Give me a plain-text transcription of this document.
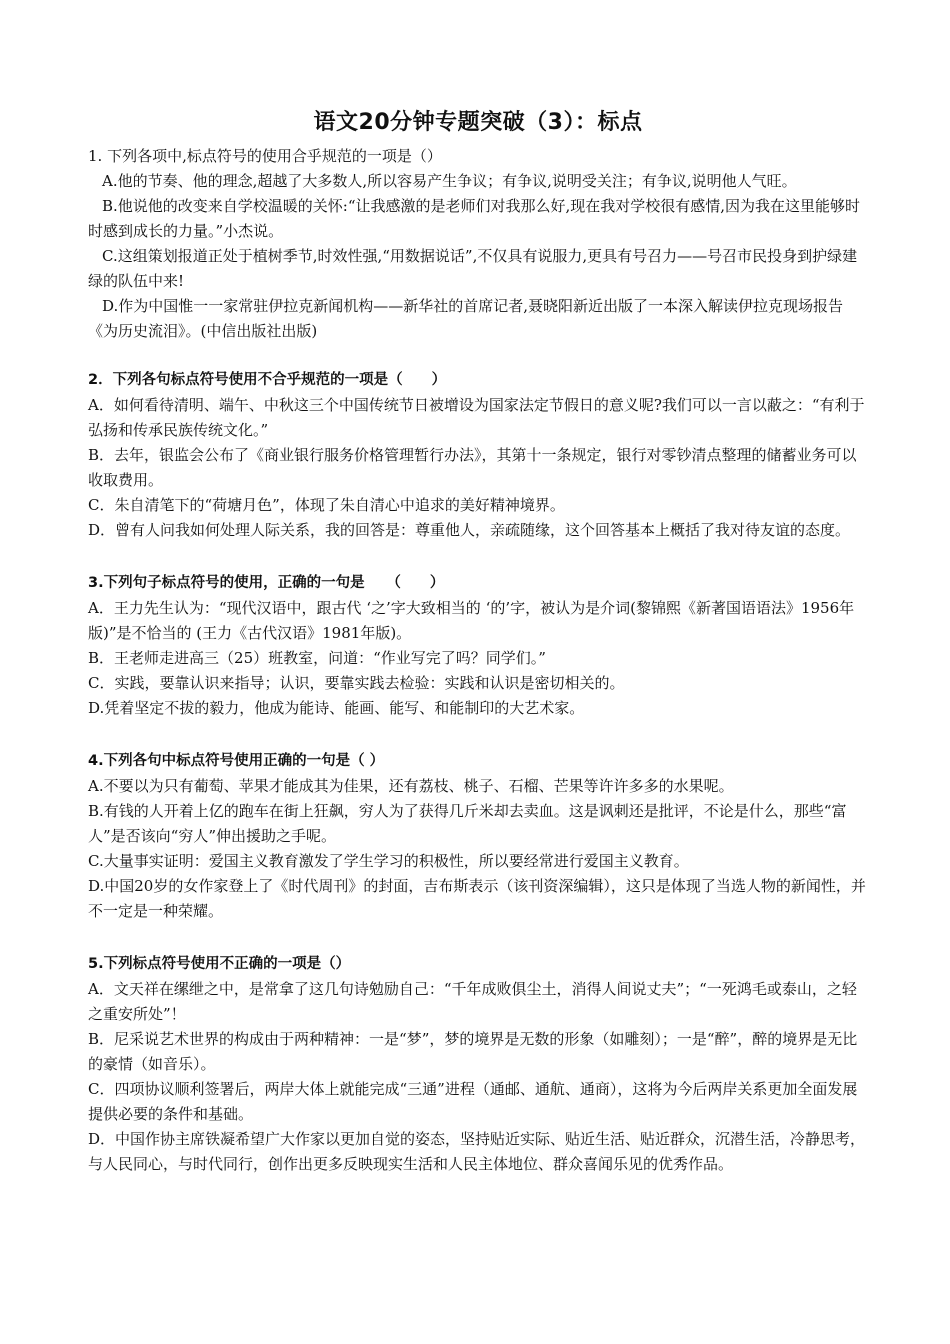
语文20分钟专题突破（3）：标点

1. 下列各项中,标点符号的使用合乎规范的一项是（）

A.他的节奏、他的理念,超越了大多数人,所以容易产生争议；有争议,说明受关注；有争议,说明他人气旺。

B.他说他的改变来自学校温暖的关怀:“让我感激的是老师们对我那么好,现在我对学校很有感情,因为我在这里能够时时感到成长的力量。”小杰说。

C.这组策划报道正处于植树季节,时效性强,“用数据说话”,不仅具有说服力,更具有号召力——号召市民投身到护绿建绿的队伍中来!

D.作为中国惟一一家常驻伊拉克新闻机构——新华社的首席记者,聂晓阳新近出版了一本深入解读伊拉克现场报告《为历史流泪》。(中信出版社出版)

2．下列各句标点符号使用不合乎规范的一项是（　　）

A．如何看待清明、端午、中秋这三个中国传统节日被增设为国家法定节假日的意义呢?我们可以一言以蔽之：“有利于弘扬和传承民族传统文化。”

B．去年，银监会公布了《商业银行服务价格管理暂行办法》，其第十一条规定，银行对零钞清点整理的储蓄业务可以收取费用。

C．朱自清笔下的“荷塘月色”，体现了朱自清心中追求的美好精神境界。

D．曾有人问我如何处理人际关系，我的回答是：尊重他人，亲疏随缘，这个回答基本上概括了我对待友谊的态度。

3.下列句子标点符号的使用，正确的一句是　　（　　）

A．王力先生认为：“现代汉语中，跟古代 ‘之’字大致相当的 ‘的’字，被认为是介词(黎锦熙《新著国语语法》1956年版)”是不恰当的 (王力《古代汉语》1981年版)。

B．王老师走进高三（25）班教室，问道：“作业写完了吗？同学们。”

C．实践，要靠认识来指导；认识，要靠实践去检验：实践和认识是密切相关的。

D.凭着坚定不拔的毅力，他成为能诗、能画、能写、和能制印的大艺术家。

4.下列各句中标点符号使用正确的一句是（ ）

A.不要以为只有葡萄、苹果才能成其为佳果，还有荔枝、桃子、石榴、芒果等许许多多的水果呢。

B.有钱的人开着上亿的跑车在街上狂飙，穷人为了获得几斤米却去卖血。这是讽刺还是批评，不论是什么，那些“富人”是否该向“穷人”伸出援助之手呢。

C.大量事实证明：爱国主义教育激发了学生学习的积极性，所以要经常进行爱国主义教育。

D.中国20岁的女作家登上了《时代周刊》的封面，吉布斯表示（该刊资深编辑），这只是体现了当选人物的新闻性，并不一定是一种荣耀。

5.下列标点符号使用不正确的一项是（）

A．文天祥在缧绁之中，是常拿了这几句诗勉励自己：“千年成败俱尘土，消得人间说丈夫”；“一死鸿毛或泰山，之轻之重安所处”！

B．尼采说艺术世界的构成由于两种精神：一是“梦”，梦的境界是无数的形象（如雕刻）；一是“醉”，醉的境界是无比的豪情（如音乐）。

C．四项协议顺利签署后，两岸大体上就能完成“三通”进程（通邮、通航、通商），这将为今后两岸关系更加全面发展提供必要的条件和基础。

D．中国作协主席铁凝希望广大作家以更加自觉的姿态，坚持贴近实际、贴近生活、贴近群众，沉潜生活，冷静思考，与人民同心，与时代同行，创作出更多反映现实生活和人民主体地位、群众喜闻乐见的优秀作品。
